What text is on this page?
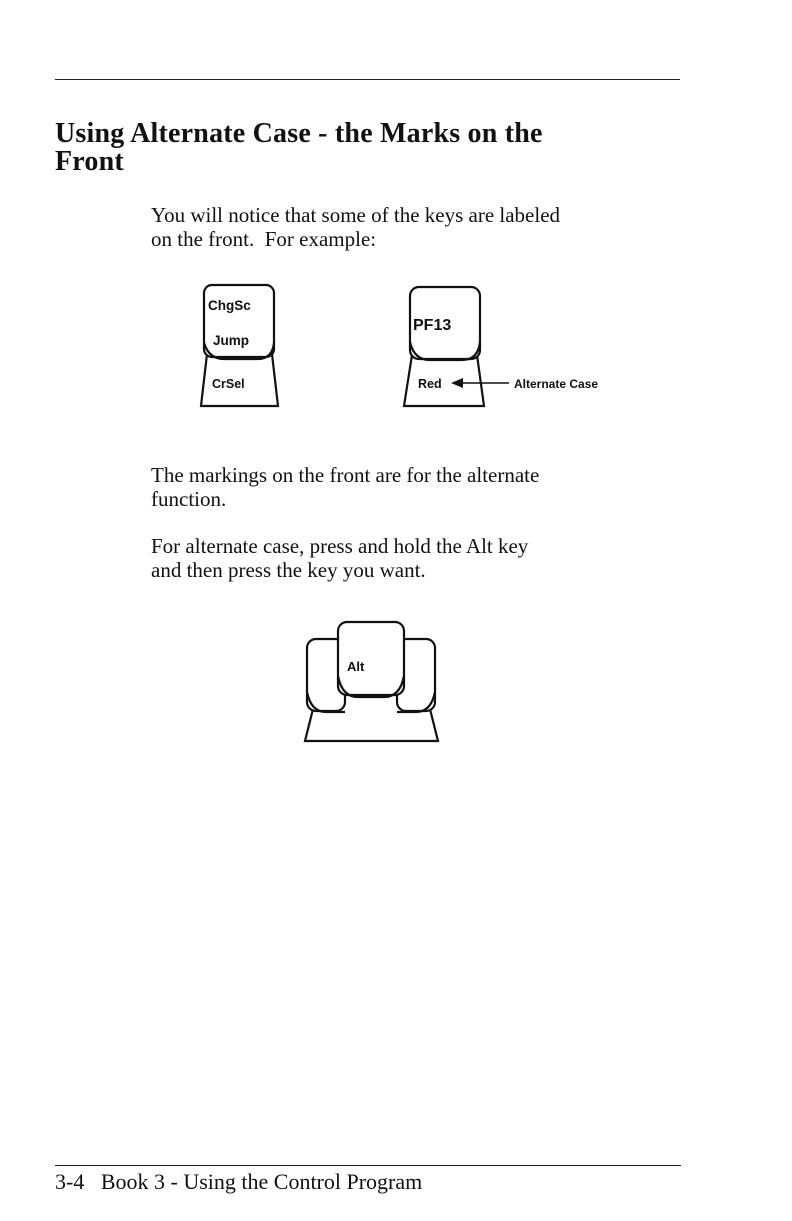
Using Alternate Case - the Marks on the
Front

You will notice that some of the keys are labeled
on the front.  For example:

ChgSc
Jump
CrSel
PF13
Red	Alternate Case

The markings on the front are for the alternate
function.

For alternate case, press and hold the Alt key
and then press the key you want.

Alt
3-4 Book 3 - Using the Control Program
